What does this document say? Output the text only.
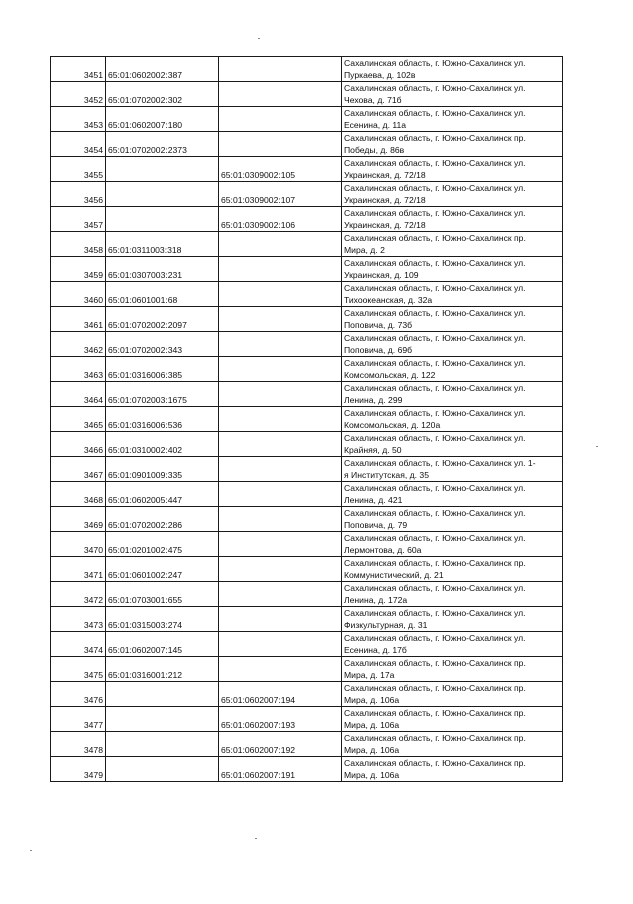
3451	65:01:0602002:387		Сахалинская область, г. Южно-Сахалинск ул.
Пуркаева, д. 102в

3452	65:01:0702002:302		Сахалинская область, г. Южно-Сахалинск ул.
Чехова, д. 71б

3453	65:01:0602007:180		Сахалинская область, г. Южно-Сахалинск ул.
Есенина, д. 11а

3454	65:01:0702002:2373		Сахалинская область, г. Южно-Сахалинск пр.
Победы, д. 86в

3455		65:01:0309002:105	Сахалинская область, г. Южно-Сахалинск ул.
Украинская, д. 72/18

3456		65:01:0309002:107	Сахалинская область, г. Южно-Сахалинск ул.
Украинская, д. 72/18

3457		65:01:0309002:106	Сахалинская область, г. Южно-Сахалинск ул.
Украинская, д. 72/18

3458	65:01:0311003:318		Сахалинская область, г. Южно-Сахалинск пр.
Мира, д. 2

3459	65:01:0307003:231		Сахалинская область, г. Южно-Сахалинск ул.
Украинская, д. 109

3460	65:01:0601001:68		Сахалинская область, г. Южно-Сахалинск ул.
Тихоокеанская, д. 32а

3461	65:01:0702002:2097		Сахалинская область, г. Южно-Сахалинск ул.
Поповича, д. 73б

3462	65:01:0702002:343		Сахалинская область, г. Южно-Сахалинск ул.
Поповича, д. 69б

3463	65:01:0316006:385		Сахалинская область, г. Южно-Сахалинск ул.
Комсомольская, д. 122

3464	65:01:0702003:1675		Сахалинская область, г. Южно-Сахалинск ул.
Ленина, д. 299

3465	65:01:0316006:536		Сахалинская область, г. Южно-Сахалинск ул.
Комсомольская, д. 120а

3466	65:01:0310002:402		Сахалинская область, г. Южно-Сахалинск ул.
Крайняя, д. 50

3467	65:01:0901009:335		Сахалинская область, г. Южно-Сахалинск ул. 1-
я Институтская, д. 35

3468	65:01:0602005:447		Сахалинская область, г. Южно-Сахалинск ул.
Ленина, д. 421

3469	65:01:0702002:286		Сахалинская область, г. Южно-Сахалинск ул.
Поповича, д. 79

3470	65:01:0201002:475		Сахалинская область, г. Южно-Сахалинск ул.
Лермонтова, д. 60а

3471	65:01:0601002:247		Сахалинская область, г. Южно-Сахалинск пр.
Коммунистический, д. 21

3472	65:01:0703001:655		Сахалинская область, г. Южно-Сахалинск ул.
Ленина, д. 172а

3473	65:01:0315003:274		Сахалинская область, г. Южно-Сахалинск ул.
Физкультурная, д. 31

3474	65:01:0602007:145		Сахалинская область, г. Южно-Сахалинск ул.
Есенина, д. 17б

3475	65:01:0316001:212		Сахалинская область, г. Южно-Сахалинск пр.
Мира, д. 17а

3476		65:01:0602007:194	Сахалинская область, г. Южно-Сахалинск пр.
Мира, д. 106а

3477		65:01:0602007:193	Сахалинская область, г. Южно-Сахалинск пр.
Мира, д. 106а

3478		65:01:0602007:192	Сахалинская область, г. Южно-Сахалинск пр.
Мира, д. 106а

3479		65:01:0602007:191	Сахалинская область, г. Южно-Сахалинск пр.
Мира, д. 106а
